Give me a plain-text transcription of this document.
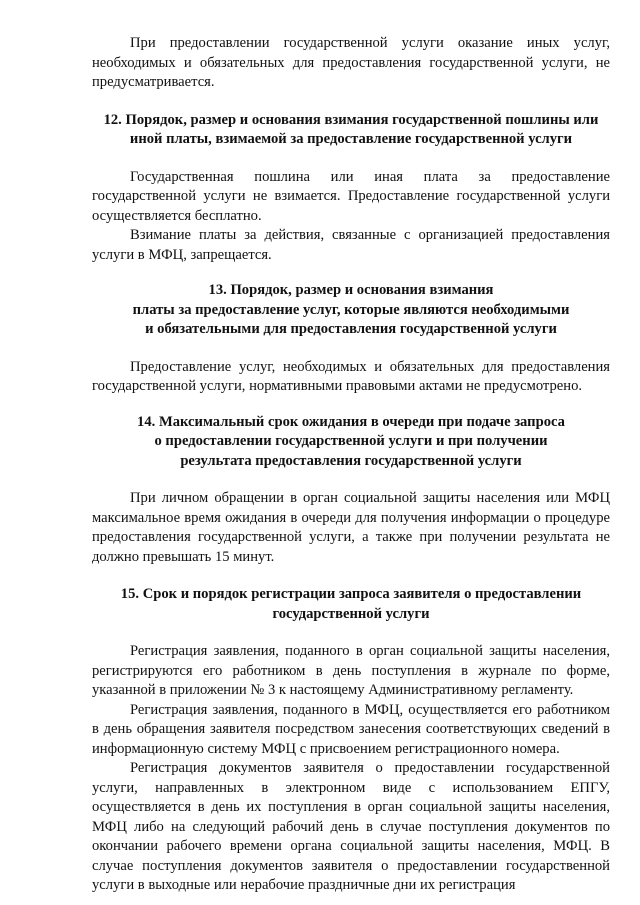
При предоставлении государственной услуги оказание иных услуг, необходимых и обязательных для предоставления государственной услуги, не предусматривается.

12. Порядок, размер и основания взимания государственной пошлины или
иной платы, взимаемой за предоставление государственной услуги

Государственная пошлина или иная плата за предоставление государственной услуги не взимается. Предоставление государственной услуги осуществляется бесплатно.

Взимание платы за действия, связанные с организацией предоставления услуги в МФЦ, запрещается.

13. Порядок, размер и основания взимания
платы за предоставление услуг, которые являются необходимыми
и обязательными для предоставления государственной услуги

Предоставление услуг, необходимых и обязательных для предоставления государственной услуги, нормативными правовыми актами не предусмотрено.

14. Максимальный срок ожидания в очереди при подаче запроса
о предоставлении государственной услуги и при получении
результата предоставления государственной услуги

При личном обращении в орган социальной защиты населения или МФЦ максимальное время ожидания в очереди для получения информации о процедуре предоставления государственной услуги, а также при получении результата не должно превышать 15 минут.

15. Срок и порядок регистрации запроса заявителя о предоставлении
государственной услуги

Регистрация заявления, поданного в орган социальной защиты населения, регистрируются его работником в день поступления в журнале по форме, указанной в приложении № 3 к настоящему Административному регламенту.

Регистрация заявления, поданного в МФЦ, осуществляется его работником в день обращения заявителя посредством занесения соответствующих сведений в информационную систему МФЦ с присвоением регистрационного номера.

Регистрация документов заявителя о предоставлении государственной услуги, направленных в электронном виде с использованием ЕПГУ, осуществляется в день их поступления в орган социальной защиты населения, МФЦ либо на следующий рабочий день в случае поступления документов по окончании рабочего времени органа социальной защиты населения, МФЦ. В случае поступления документов заявителя о предоставлении государственной услуги в выходные или нерабочие праздничные дни их регистрация
